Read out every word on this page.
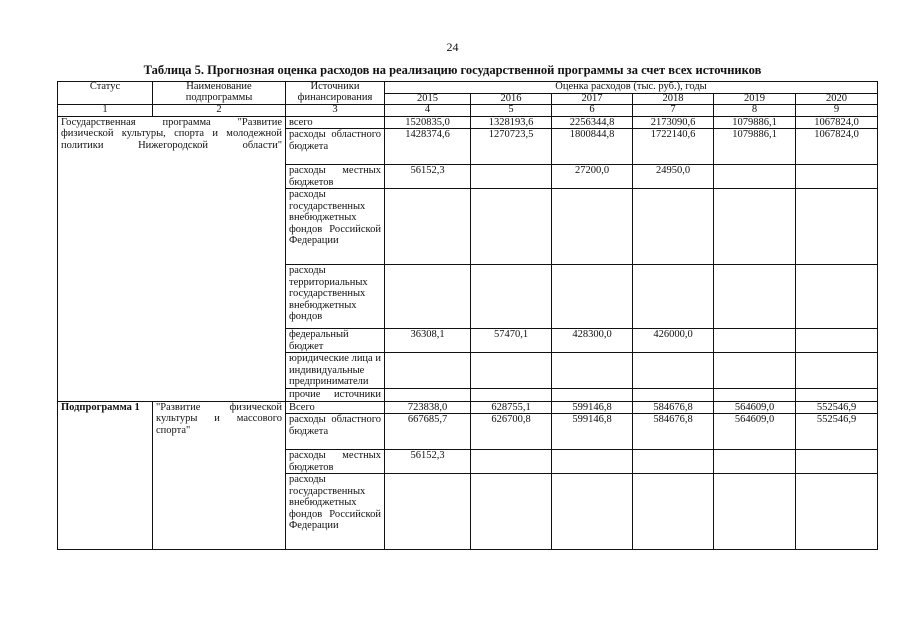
24
Таблица 5. Прогнозная оценка расходов на реализацию государственной программы за счет всех источников
Статус	Наименование подпрограммы	Источники финансирования	Оценка расходов (тыс. руб.), годы					
			2015	2016	2017	2018	2019	2020
1	2	3	4	5	6	7	8	9
Государственная программа "Развитие физической культуры, спорта и молодежной политики Нижегородской области"		всего	1520835,0	1328193,6	2256344,8	2173090,6	1079886,1	1067824,0
		расходы областного бюджета	1428374,6	1270723,5	1800844,8	1722140,6	1079886,1	1067824,0
		расходы местных бюджетов	56152,3		27200,0	24950,0		
		расходы государственных внебюджетных фондов Российской Федерации						
		расходы территориальных государственных внебюджетных фондов						
		федеральный бюджет	36308,1	57470,1	428300,0	426000,0		
		юридические лица и индивидуальные предприниматели						
		прочие источники						
Подпрограмма 1	"Развитие физической культуры и массового спорта"	Всего	723838,0	628755,1	599146,8	584676,8	564609,0	552546,9
		расходы областного бюджета	667685,7	626700,8	599146,8	584676,8	564609,0	552546,9
		расходы местных бюджетов	56152,3					
		расходы государственных внебюджетных фондов Российской Федерации						
